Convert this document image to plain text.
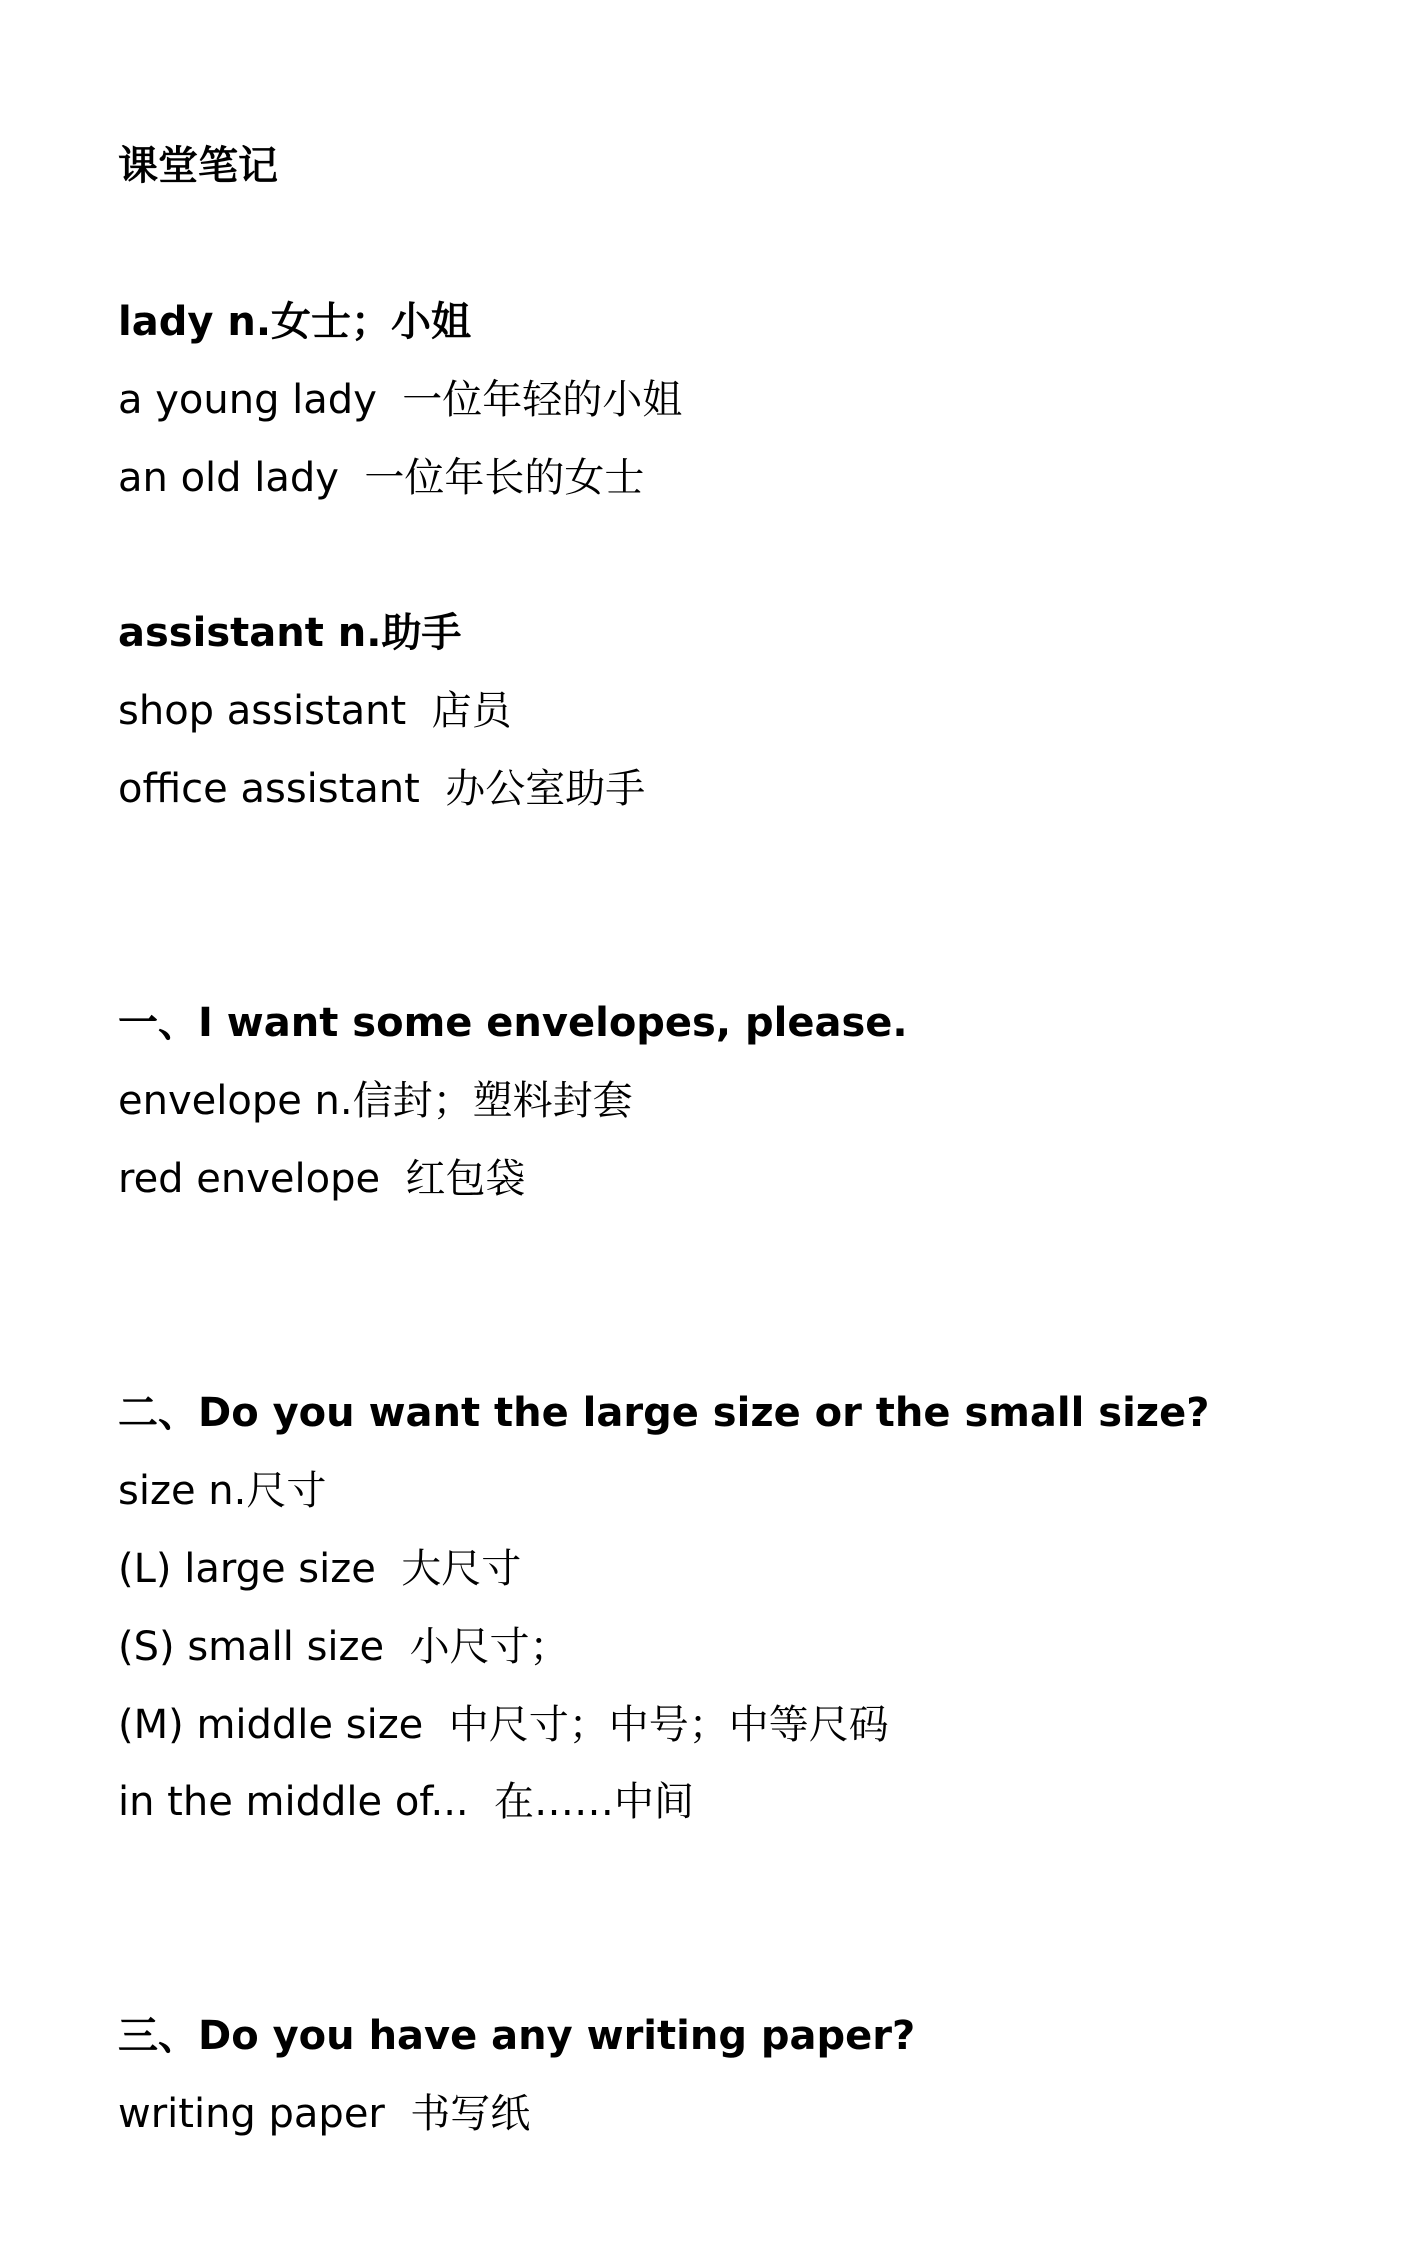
课堂笔记
lady n.女士；小姐
a young lady  一位年轻的小姐
an old lady  一位年长的女士
assistant n.助手
shop assistant  店员
office assistant  办公室助手
一、I want some envelopes, please.
envelope n.信封；塑料封套
red envelope  红包袋
二、Do you want the large size or the small size?
size n.尺寸
(L) large size  大尺寸
(S) small size  小尺寸；
(M) middle size  中尺寸；中号；中等尺码
in the middle of...  在……中间
三、Do you have any writing paper?
writing paper  书写纸
